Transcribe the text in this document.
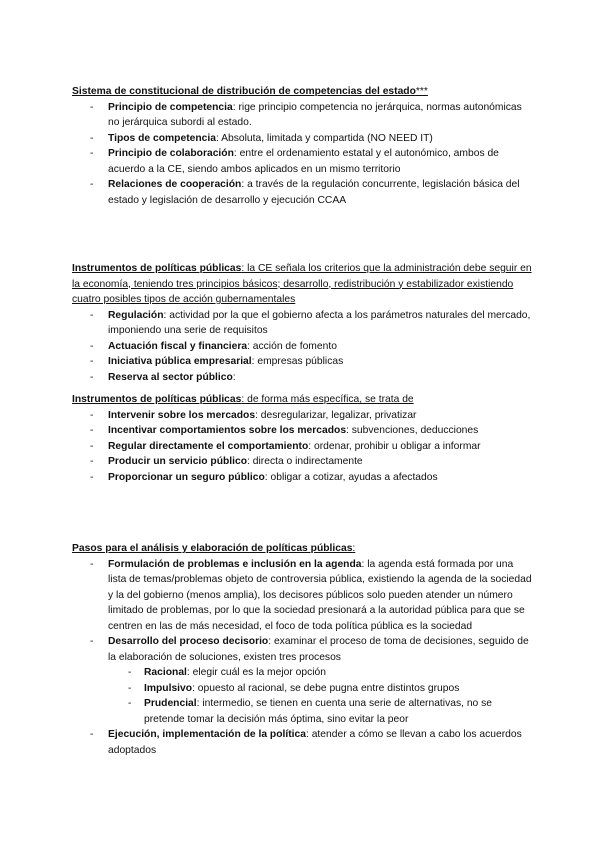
Sistema de constitucional de distribución de competencias del estado***

- Principio de competencia: rige principio competencia no jerárquica, normas autonómicas no jerárquica subordi al estado.
- Tipos de competencia: Absoluta, limitada y compartida (NO NEED IT)
- Principio de colaboración: entre el ordenamiento estatal y el autonómico, ambos de acuerdo a la CE, siendo ambos aplicados en un mismo territorio
- Relaciones de cooperación: a través de la regulación concurrente, legislación básica del estado y legislación de desarrollo y ejecución CCAA

Instrumentos de políticas públicas: la CE señala los criterios que la administración debe seguir en la economía, teniendo tres principios básicos; desarrollo, redistribución y estabilizador existiendo cuatro posibles tipos de acción gubernamentales

- Regulación: actividad por la que el gobierno afecta a los parámetros naturales del mercado, imponiendo una serie de requisitos
- Actuación fiscal y financiera: acción de fomento
- Iniciativa pública empresarial: empresas públicas
- Reserva al sector público:

Instrumentos de políticas públicas: de forma más específica, se trata de

- Intervenir sobre los mercados: desregularizar, legalizar, privatizar
- Incentivar comportamientos sobre los mercados: subvenciones, deducciones
- Regular directamente el comportamiento: ordenar, prohibir u obligar a informar
- Producir un servicio público: directa o indirectamente
- Proporcionar un seguro público: obligar a cotizar, ayudas a afectados

Pasos para el análisis y elaboración de políticas públicas:

- Formulación de problemas e inclusión en la agenda: la agenda está formada por una lista de temas/problemas objeto de controversia pública, existiendo la agenda de la sociedad y la del gobierno (menos amplia), los decisores públicos solo pueden atender un número limitado de problemas, por lo que la sociedad presionará a la autoridad pública para que se centren en las de más necesidad, el foco de toda política pública es la sociedad
- Desarrollo del proceso decisorio: examinar el proceso de toma de decisiones, seguido de la elaboración de soluciones, existen tres procesos
- Racional: elegir cuál es la mejor opción
- Impulsivo: opuesto al racional, se debe pugna entre distintos grupos
- Prudencial: intermedio, se tienen en cuenta una serie de alternativas, no se pretende tomar la decisión más óptima, sino evitar la peor
- Ejecución, implementación de la política: atender a cómo se llevan a cabo los acuerdos adoptados
